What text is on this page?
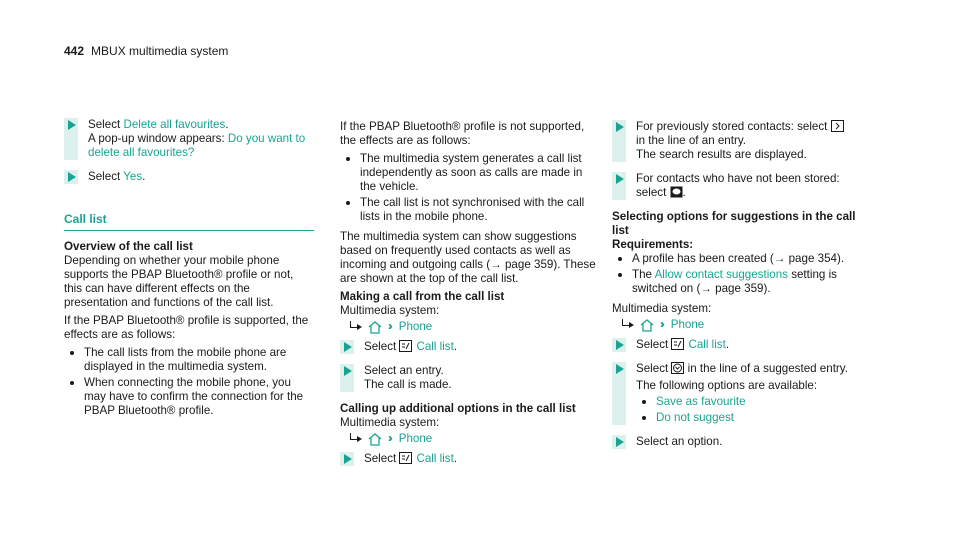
442 MBUX multimedia system
Select Delete all favourites.
A pop-up window appears: Do you want to delete all favourites?
Select Yes.
Call list
Overview of the call list

Depending on whether your mobile phone supports the PBAP Bluetooth® profile or not, this can have different effects on the presentation and functions of the call list.

If the PBAP Bluetooth® profile is supported, the effects are as follows:

The call lists from the mobile phone are displayed in the multimedia system.
When connecting the mobile phone, you may have to confirm the connection for the PBAP Bluetooth® profile.

If the PBAP Bluetooth® profile is not supported, the effects are as follows:

The multimedia system generates a call list independently as soon as calls are made in the vehicle.
The call list is not synchronised with the call lists in the mobile phone.

The multimedia system can show suggestions based on frequently used contacts as well as incoming and outgoing calls (→ page 359). These are shown at the top of the call list.

Making a call from the call list
Multimedia system:
›› Phone
Select Call list.
Select an entry.
The call is made.
Calling up additional options in the call list
Multimedia system:
›› Phone
Select Call list.
For previously stored contacts: select
in the line of an entry.
The search results are displayed.
For contacts who have not been stored:
select .
Selecting options for suggestions in the call list
Requirements:
A profile has been created (→ page 354).
The Allow contact suggestions setting is switched on (→ page 359).
Multimedia system:
›› Phone
Select Call list.
Select  in the line of a suggested entry.
The following options are available:
Save as favourite
Do not suggest
Select an option.
